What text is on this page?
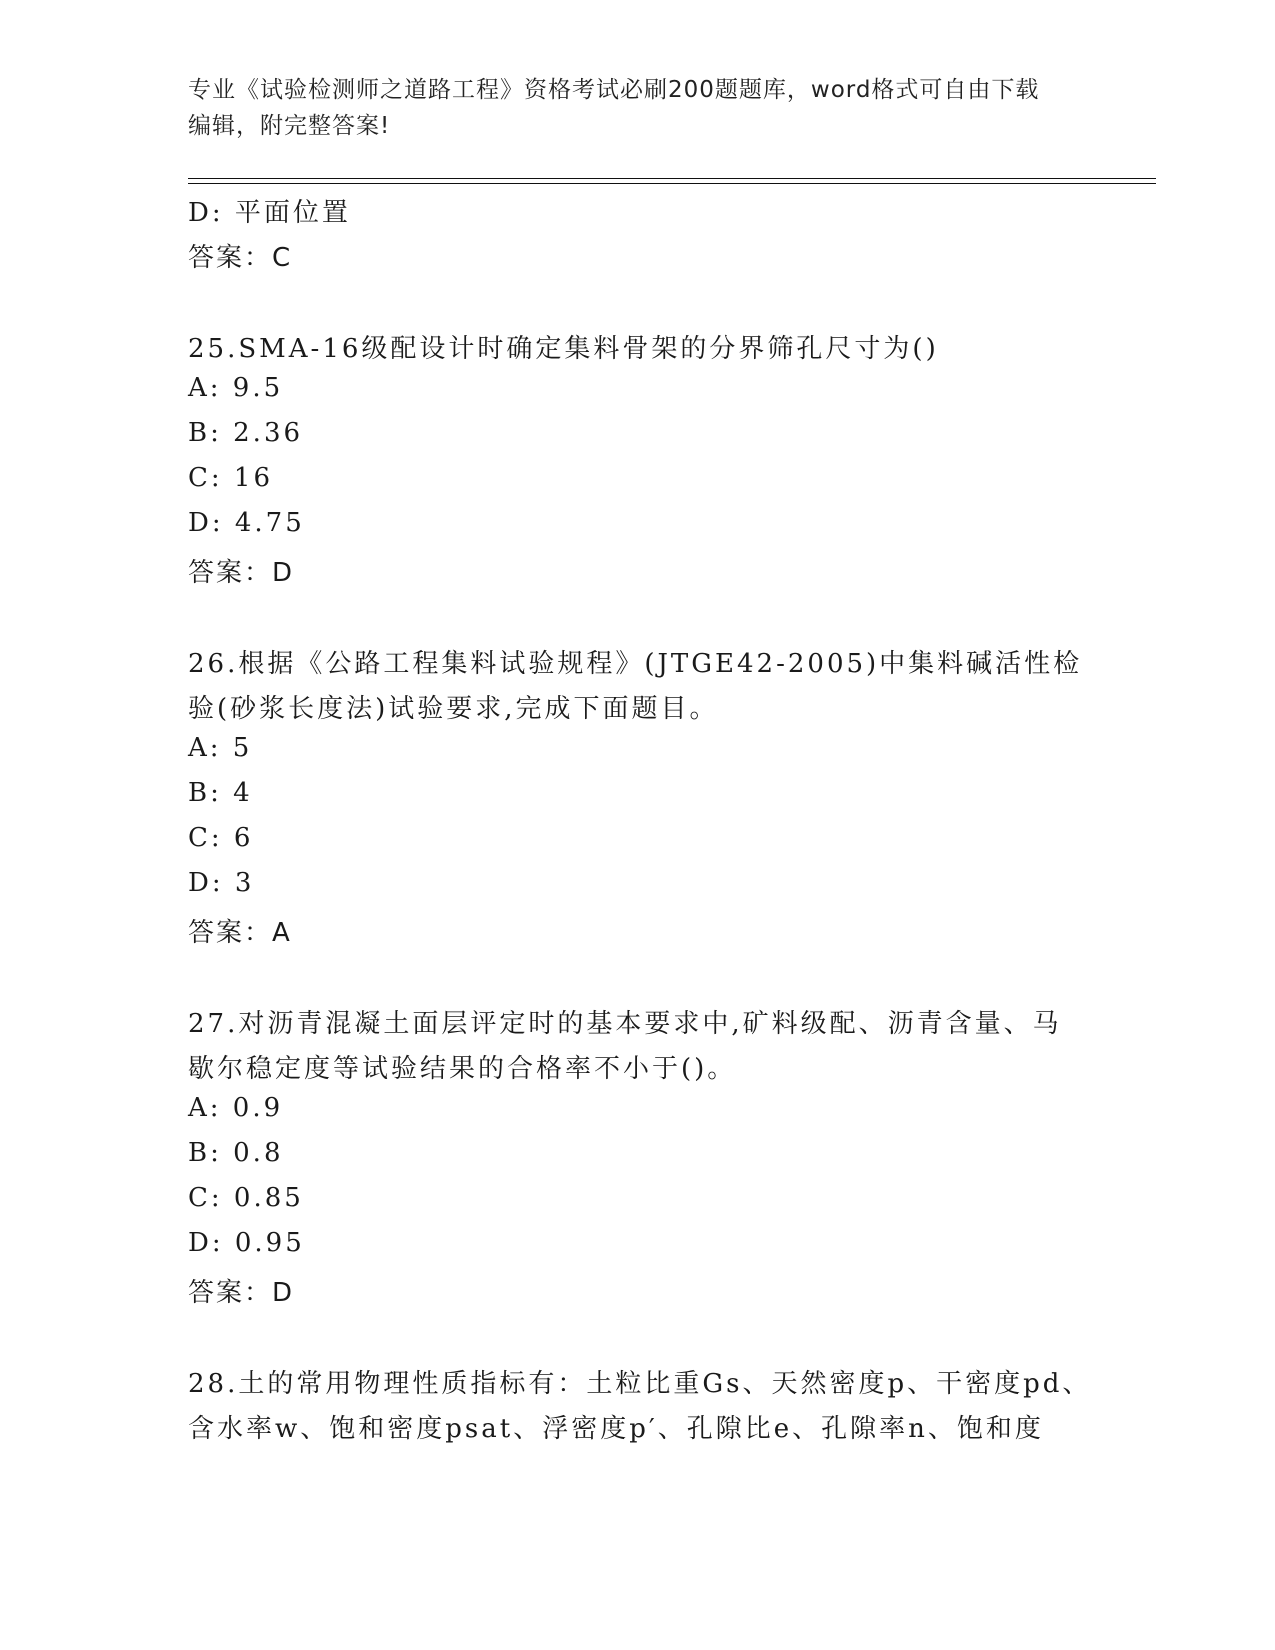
专业《试验检测师之道路工程》资格考试必刷200题题库，word格式可自由下载
编辑，附完整答案!
D: 平面位置
答案：C
25.SMA-16级配设计时确定集料骨架的分界筛孔尺寸为()
A: 9.5
B: 2.36
C: 16
D: 4.75
答案：D
26.根据《公路工程集料试验规程》(JTGE42-2005)中集料碱活性检
验(砂浆长度法)试验要求,完成下面题目。
A: 5
B: 4
C: 6
D: 3
答案：A
27.对沥青混凝土面层评定时的基本要求中,矿料级配、沥青含量、马
歇尔稳定度等试验结果的合格率不小于()。
A: 0.9
B: 0.8
C: 0.85
D: 0.95
答案：D
28.土的常用物理性质指标有：土粒比重Gs、天然密度p、干密度pd、
含水率w、饱和密度psat、浮密度p′、孔隙比e、孔隙率n、饱和度
